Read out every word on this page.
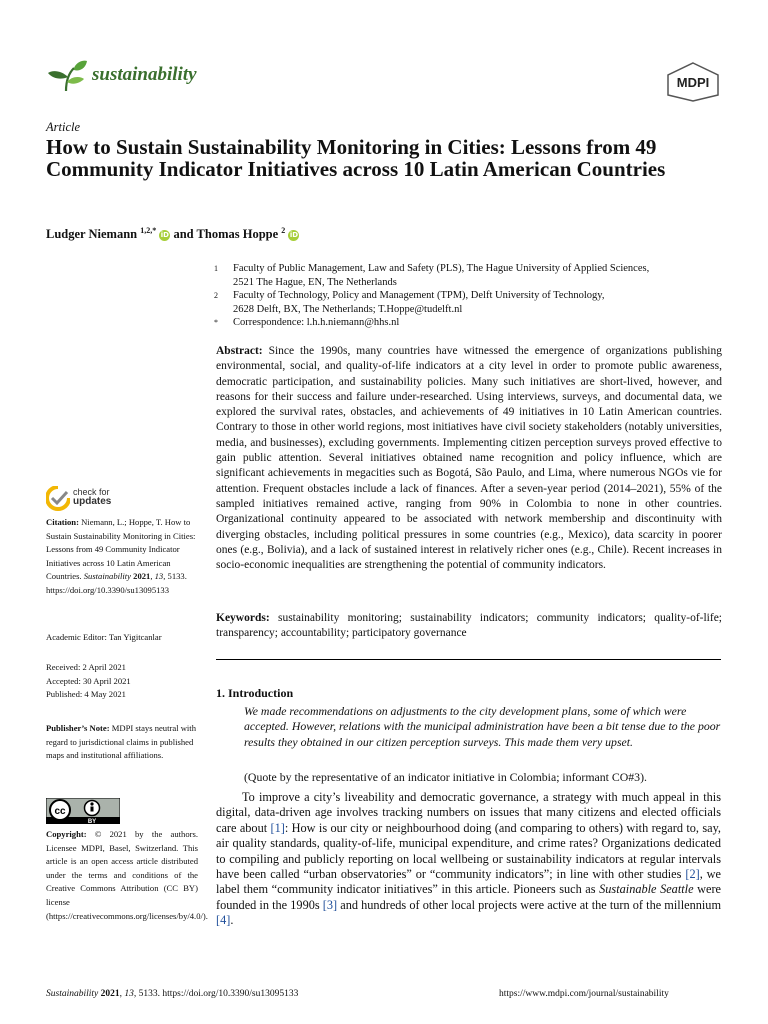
sustainability	MDPI
Article
How to Sustain Sustainability Monitoring in Cities: Lessons from 49 Community Indicator Initiatives across 10 Latin American Countries
Ludger Niemann $^{1,2,*}$ iD and Thomas Hoppe $^2$ iD
1	Faculty of Public Management, Law and Safety (PLS), The Hague University of Applied Sciences,
2521 The Hague, EN, The Netherlands
2	Faculty of Technology, Policy and Management (TPM), Delft University of Technology,
2628 Delft, BX, The Netherlands; T.Hoppe@tudelft.nl
*	Correspondence: l.h.h.niemann@hhs.nl
Abstract: Since the 1990s, many countries have witnessed the emergence of organizations publishing environmental, social, and quality-of-life indicators at a city level in order to promote public awareness, democratic participation, and sustainability policies. Many such initiatives are short-lived, however, and reasons for their success and failure under-researched. Using interviews, surveys, and documental data, we explored the survival rates, obstacles, and achievements of 49 initiatives in 10 Latin American countries. Contrary to those in other world regions, most initiatives have civil society stakeholders (notably universities, media, and businesses), excluding governments. Implementing citizen perception surveys proved effective to gain public attention. Several initiatives obtained name recognition and policy influence, which are significant achievements in megacities such as Bogotá, São Paulo, and Lima, where numerous NGOs vie for attention. Frequent obstacles include a lack of finances. After a seven-year period (2014–2021), 55% of the sampled initiatives remained active, ranging from 90% in Colombia to none in other countries. Organizational continuity appeared to be associated with network membership and discontinuity with diverging obstacles, including political pressures in some countries (e.g., Mexico), data scarcity in poorer ones (e.g., Bolivia), and a lack of sustained interest in relatively richer ones (e.g., Chile). Recent increases in socio-economic inequalities are strengthening the potential of community indicators.
Keywords: sustainability monitoring; sustainability indicators; community indicators; quality-of-life; transparency; accountability; participatory governance
1. Introduction
We made recommendations on adjustments to the city development plans, some of which were accepted. However, relations with the municipal administration have been a bit tense due to the poor results they obtained in our citizen perception surveys. This made them very upset.
(Quote by the representative of an indicator initiative in Colombia; informant CO#3).
To improve a city’s liveability and democratic governance, a strategy with much appeal in this digital, data-driven age involves tracking numbers on issues that many citizens and elected officials care about [1]: How is our city or neighbourhood doing (and comparing to others) with regard to, say, air quality standards, quality-of-life, municipal expenditure, and crime rates? Organizations dedicated to compiling and publicly reporting on local wellbeing or sustainability indicators at regular intervals have been called “urban observatories” or “community indicators”; in line with other studies [2], we label them “community indicator initiatives” in this article. Pioneers such as Sustainable Seattle were founded in the 1990s [3] and hundreds of other local projects were active at the turn of the millennium [4].
check for
updates
Citation: Niemann, L.; Hoppe, T. How to Sustain Sustainability Monitoring in Cities: Lessons from 49 Community Indicator Initiatives across 10 Latin American Countries. Sustainability 2021, 13, 5133. https://doi.org/10.3390/su13095133
Academic Editor: Tan Yigitcanlar
Received: 2 April 2021
Accepted: 30 April 2021
Published: 4 May 2021
Publisher’s Note: MDPI stays neutral with regard to jurisdictional claims in published maps and institutional affiliations.
cc
BY
Copyright: © 2021 by the authors. Licensee MDPI, Basel, Switzerland. This article is an open access article distributed under the terms and conditions of the Creative Commons Attribution (CC BY) license (https://creativecommons.org/licenses/by/4.0/).
Sustainability 2021, 13, 5133. https://doi.org/10.3390/su13095133	https://www.mdpi.com/journal/sustainability
